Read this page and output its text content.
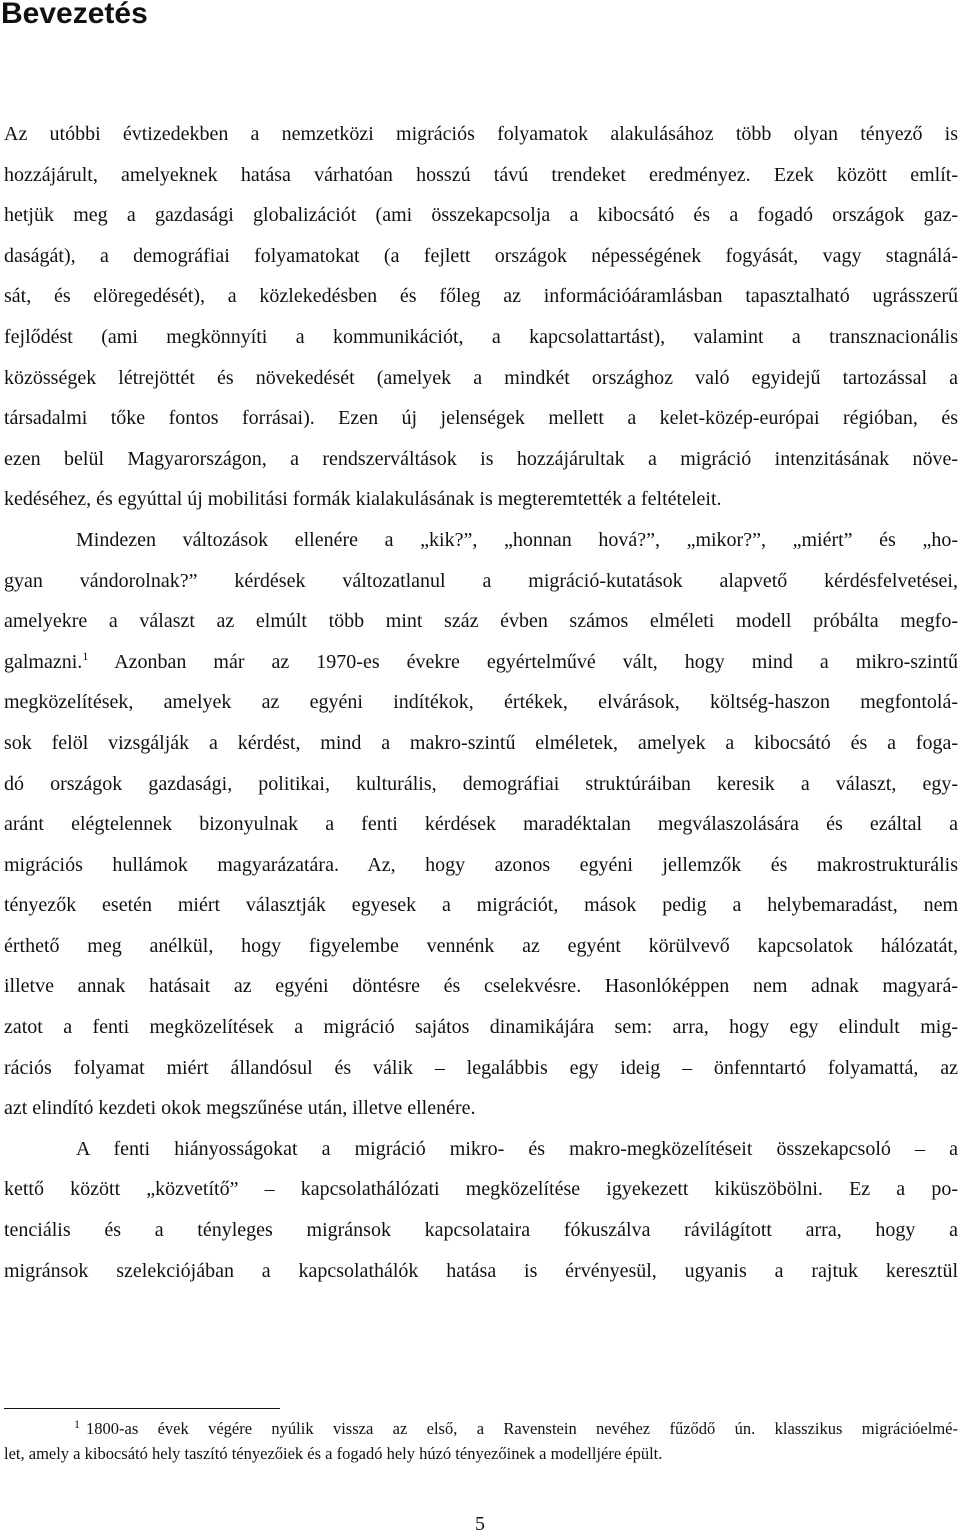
Bevezetés
Az utóbbi évtizedekben a nemzetközi migrációs folyamatok alakulásához több olyan tényező is
hozzájárult, amelyeknek hatása várhatóan hosszú távú trendeket eredményez. Ezek között említ-
hetjük meg a gazdasági globalizációt (ami összekapcsolja a kibocsátó és a fogadó országok gaz-
daságát), a demográfiai folyamatokat (a fejlett országok népességének fogyását, vagy stagnálá-
sát, és elöregedését), a közlekedésben és főleg az információáramlásban tapasztalható ugrásszerű
fejlődést (ami megkönnyíti a kommunikációt, a kapcsolattartást), valamint a transznacionális
közösségek létrejöttét és növekedését (amelyek a mindkét országhoz való egyidejű tartozással a
társadalmi tőke fontos forrásai). Ezen új jelenségek mellett a kelet-közép-európai régióban, és
ezen belül Magyarországon, a rendszerváltások is hozzájárultak a migráció intenzitásának növe-
kedéséhez, és egyúttal új mobilitási formák kialakulásának is megteremtették a feltételeit.
Mindezen változások ellenére a „kik?”, „honnan hová?”, „mikor?”, „miért” és „ho-
gyan vándorolnak?” kérdések változatlanul a migráció-kutatások alapvető kérdésfelvetései,
amelyekre a választ az elmúlt több mint száz évben számos elméleti modell próbálta megfo-
galmazni.$^1$ Azonban már az 1970-es évekre egyértelművé vált, hogy mind a mikro-szintű
megközelítések, amelyek az egyéni indítékok, értékek, elvárások, költség-haszon megfontolá-
sok felöl vizsgálják a kérdést, mind a makro-szintű elméletek, amelyek a kibocsátó és a foga-
dó országok gazdasági, politikai, kulturális, demográfiai struktúráiban keresik a választ, egy-
aránt elégtelennek bizonyulnak a fenti kérdések maradéktalan megválaszolására és ezáltal a
migrációs hullámok magyarázatára. Az, hogy azonos egyéni jellemzők és makrostrukturális
tényezők esetén miért választják egyesek a migrációt, mások pedig a helybemaradást, nem
érthető meg anélkül, hogy figyelembe vennénk az egyént körülvevő kapcsolatok hálózatát,
illetve annak hatásait az egyéni döntésre és cselekvésre. Hasonlóképpen nem adnak magyará-
zatot a fenti megközelítések a migráció sajátos dinamikájára sem: arra, hogy egy elindult mig-
rációs folyamat miért állandósul és válik – legalábbis egy ideig – önfenntartó folyamattá, az
azt elindító kezdeti okok megszűnése után, illetve ellenére.
A fenti hiányosságokat a migráció mikro- és makro-megközelítéseit összekapcsoló – a
kettő között „közvetítő” – kapcsolathálózati megközelítése igyekezett kiküszöbölni. Ez a po-
tenciális és a tényleges migránsok kapcsolataira fókuszálva rávilágított arra, hogy a
migránsok szelekciójában a kapcsolathálók hatása is érvényesül, ugyanis a rajtuk keresztül
$^1$ 1800-as évek végére nyúlik vissza az első, a Ravenstein nevéhez fűződő ún. klasszikus migrációelmé-
let, amely a kibocsátó hely taszító tényezőiek és a fogadó hely húzó tényezőinek a modelljére épült.
5
